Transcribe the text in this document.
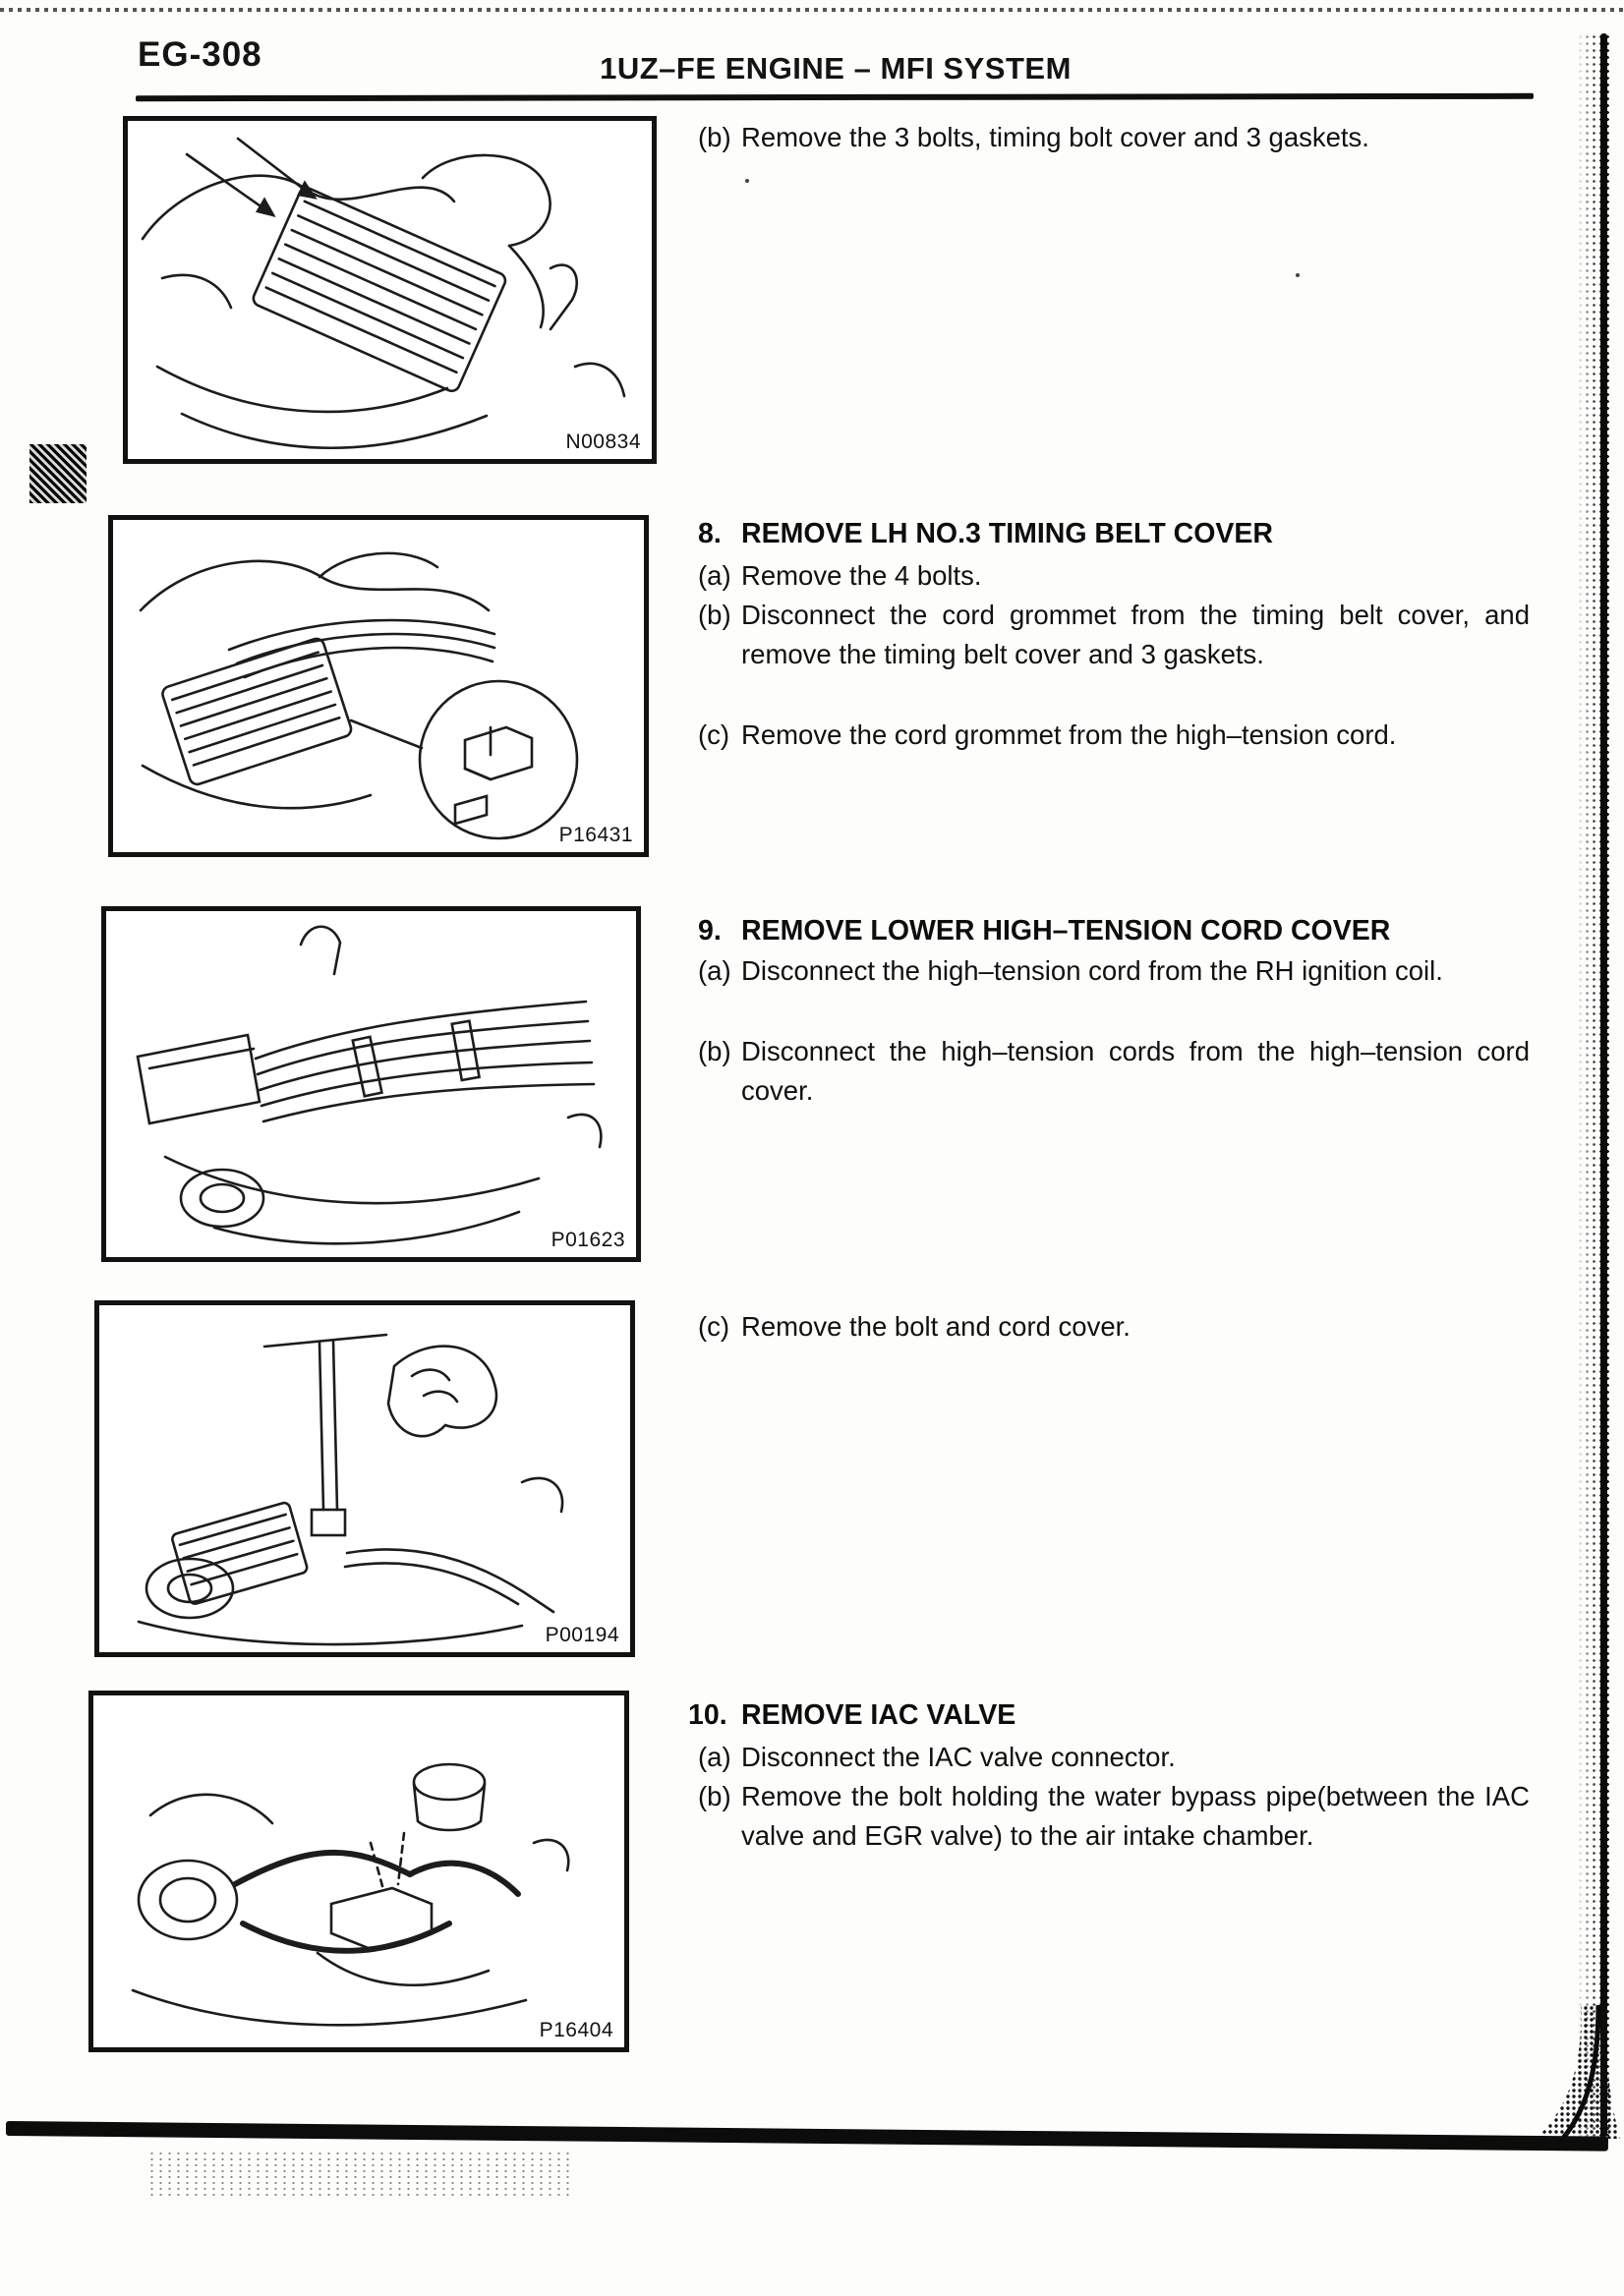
EG-308	1UZ–FE ENGINE – MFI SYSTEM
N00834
P16431
P01623
P00194
P16404
(b) Remove the 3 bolts, timing bolt cover and 3 gaskets.
8. REMOVE LH NO.3 TIMING BELT COVER
(a) Remove the 4 bolts.
(b) Disconnect the cord grommet from the timing belt cover, and remove the timing belt cover and 3 gaskets.
(c) Remove the cord grommet from the high–tension cord.
9. REMOVE LOWER HIGH–TENSION CORD COVER
(a) Disconnect the high–tension cord from the RH ignition coil.
(b) Disconnect the high–tension cords from the high–tension cord cover.
(c) Remove the bolt and cord cover.
10. REMOVE IAC VALVE
(a) Disconnect the IAC valve connector.
(b) Remove the bolt holding the water bypass pipe(between the IAC valve and EGR valve) to the air intake chamber.
